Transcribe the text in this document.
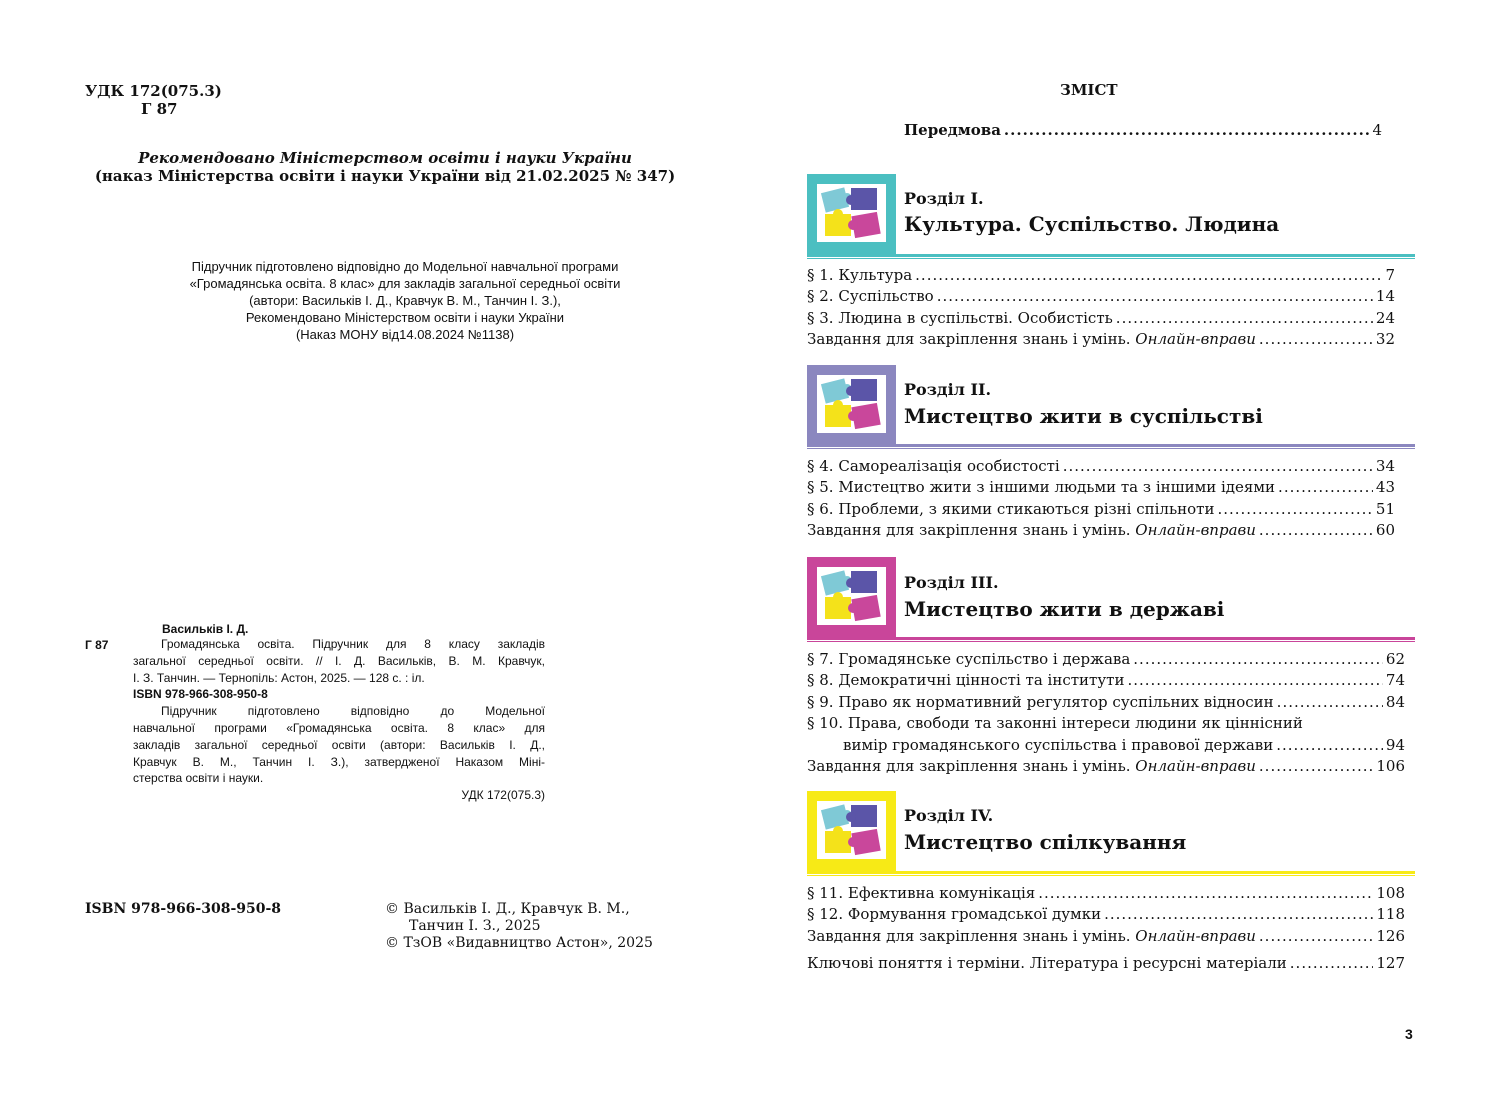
УДК 172(075.3)
Г 87
Рекомендовано Міністерством освіти і науки України
(наказ Міністерства освіти і науки України від 21.02.2025 № 347)
Підручник підготовлено відповідно до Модельної навчальної програми
«Громадянська освіта. 8 клас» для закладів загальної середньої освіти
(автори: Васильків І. Д., Кравчук В. М., Танчин І. З.),
Рекомендовано Міністерством освіти і науки України
(Наказ МОНУ від14.08.2024 №1138)
Васильків І. Д.
Г 87	Громадянська освіта. Підручник для 8 класу закладів
загальної середньої освіти. // І. Д. Васильків, В. М. Кравчук,
І. З. Танчин. — Тернопіль: Астон, 2025. — 128 с. : іл.
ISBN 978-966-308-950-8
Підручник підготовлено відповідно до Модельної
навчальної програми «Громадянська освіта. 8 клас» для
закладів загальної середньої освіти (автори: Васильків І. Д.,
Кравчук В. М., Танчин І. З.), затвердженої Наказом Міні-
стерства освіти і науки.
УДК 172(075.3)
ISBN 978-966-308-950-8	© Васильків І. Д., Кравчук В. М.,
Танчин І. З., 2025
© ТзОВ «Видавництво Астон», 2025
ЗМІСТ
Передмова .....	4
Розділ І.
Культура. Суспільство. Людина
§ 1. Культура .....	7
§ 2. Суспільство .....	14
§ 3. Людина в суспільстві. Особистість .....	24
Завдання для закріплення знань і умінь. Онлайн-вправи .....	32
Розділ ІІ.
Мистецтво жити в суспільстві
§ 4. Самореалізація особистості .....	34
§ 5. Мистецтво жити з іншими людьми та з іншими ідеями .....	43
§ 6. Проблеми, з якими стикаються різні спільноти .....	51
Завдання для закріплення знань і умінь. Онлайн-вправи .....	60
Розділ ІІІ.
Мистецтво жити в державі
§ 7. Громадянське суспільство і держава .....	62
§ 8. Демократичні цінності та інститути .....	74
§ 9. Право як нормативний регулятор суспільних відносин .....	84
§ 10. Права, свободи та законні інтереси людини як ціннісний
вимір громадянського суспільства і правової держави .....	94
Завдання для закріплення знань і умінь. Онлайн-вправи .....	106
Розділ ІV.
Мистецтво спілкування
§ 11. Ефективна комунікація .....	108
§ 12. Формування громадської думки .....	118
Завдання для закріплення знань і умінь. Онлайн-вправи .....	126
Ключові поняття і терміни. Література і ресурсні матеріали .....	127
3
